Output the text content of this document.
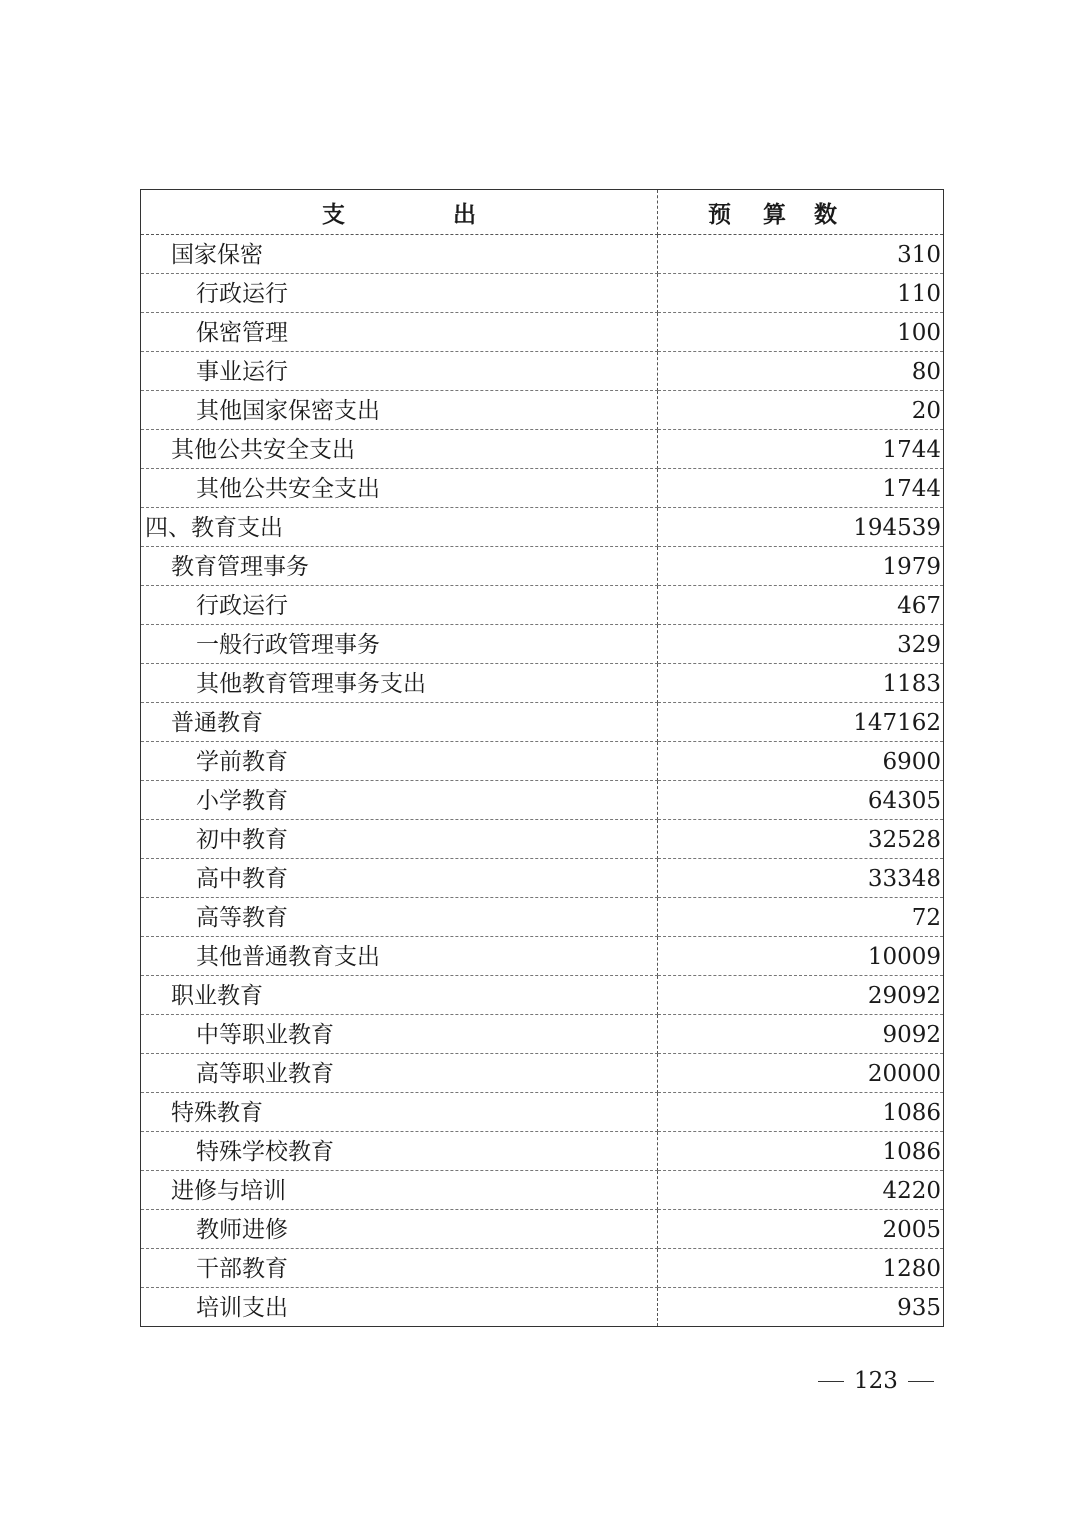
支 出	预 算 数
国家保密	310
行政运行	110
保密管理	100
事业运行	80
其他国家保密支出	20
其他公共安全支出	1744
其他公共安全支出	1744
四、教育支出	194539
教育管理事务	1979
行政运行	467
一般行政管理事务	329
其他教育管理事务支出	1183
普通教育	147162
学前教育	6900
小学教育	64305
初中教育	32528
高中教育	33348
高等教育	72
其他普通教育支出	10009
职业教育	29092
中等职业教育	9092
高等职业教育	20000
特殊教育	1086
特殊学校教育	1086
进修与培训	4220
教师进修	2005
干部教育	1280
培训支出	935
123
